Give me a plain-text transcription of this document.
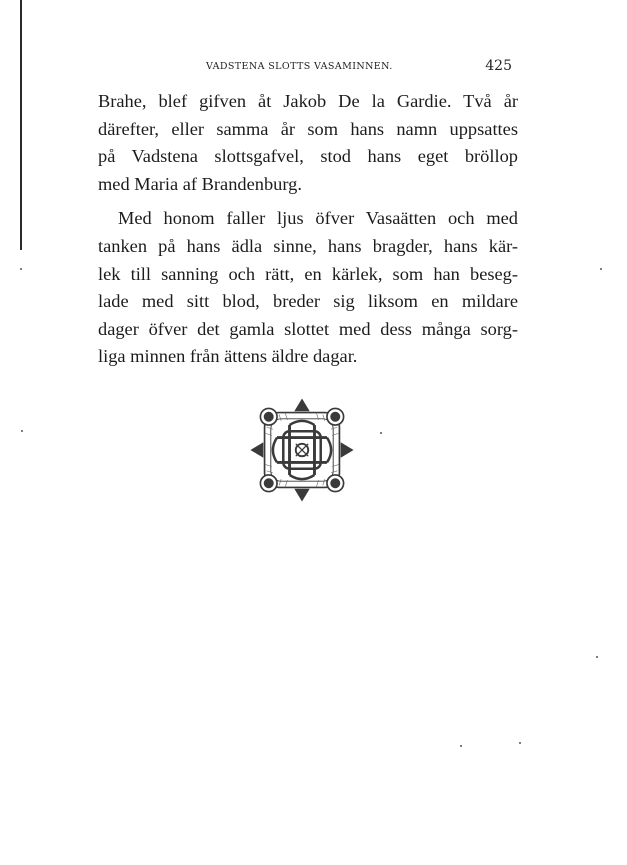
VADSTENA SLOTTS VASAMINNEN.	425
Brahe, blef gifven åt Jakob De la Gardie. Två år
därefter, eller samma år som hans namn uppsattes
på Vadstena slottsgafvel, stod hans eget bröllop
med Maria af Brandenburg.
Med honom faller ljus öfver Vasaätten och med
tanken på hans ädla sinne, hans bragder, hans kär-
lek till sanning och rätt, en kärlek, som han beseg-
lade med sitt blod, breder sig liksom en mildare
dager öfver det gamla slottet med dess många sorg-
liga minnen från ättens äldre dagar.
